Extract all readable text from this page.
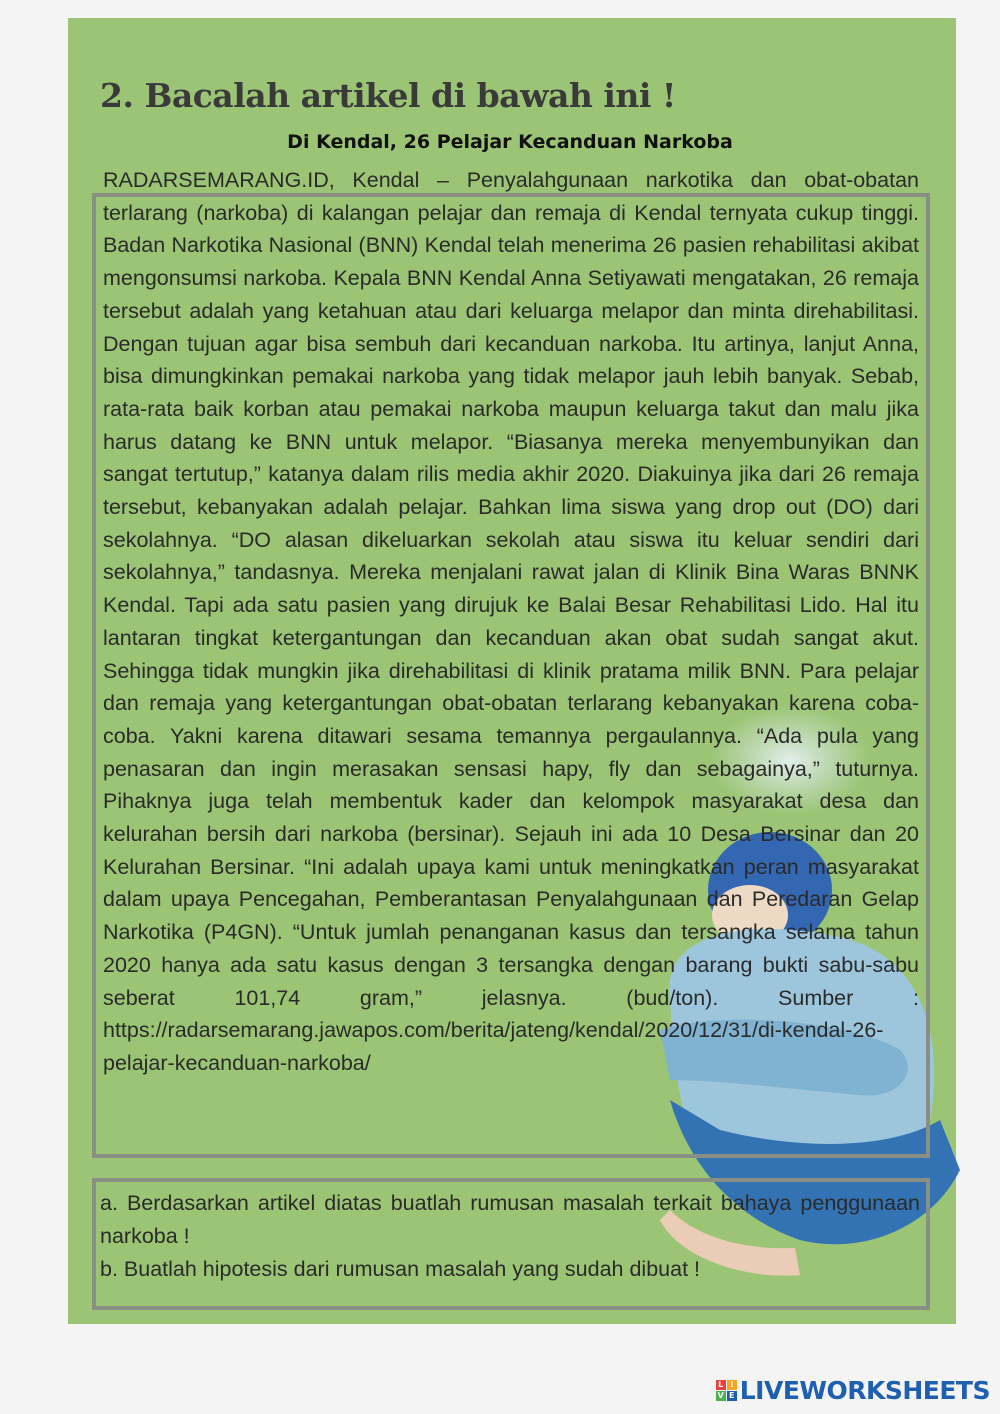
2. Bacalah artikel di bawah ini !
Di Kendal, 26 Pelajar Kecanduan Narkoba

RADARSEMARANG.ID, Kendal – Penyalahgunaan narkotika dan obat-obatan terlarang (narkoba) di kalangan pelajar dan remaja di Kendal ternyata cukup tinggi. Badan Narkotika Nasional (BNN) Kendal telah menerima 26 pasien rehabilitasi akibat mengonsumsi narkoba. Kepala BNN Kendal Anna Setiyawati mengatakan, 26 remaja tersebut adalah yang ketahuan atau dari keluarga melapor dan minta direhabilitasi. Dengan tujuan agar bisa sembuh dari kecanduan narkoba. Itu artinya, lanjut Anna, bisa dimungkinkan pemakai narkoba yang tidak melapor jauh lebih banyak. Sebab, rata-rata baik korban atau pemakai narkoba maupun keluarga takut dan malu jika harus datang ke BNN untuk melapor. “Biasanya mereka menyembunyikan dan sangat tertutup,” katanya dalam rilis media akhir 2020. Diakuinya jika dari 26 remaja tersebut, kebanyakan adalah pelajar. Bahkan lima siswa yang drop out (DO) dari sekolahnya. “DO alasan dikeluarkan sekolah atau siswa itu keluar sendiri dari sekolahnya,” tandasnya. Mereka menjalani rawat jalan di Klinik Bina Waras BNNK Kendal. Tapi ada satu pasien yang dirujuk ke Balai Besar Rehabilitasi Lido. Hal itu lantaran tingkat ketergantungan dan kecanduan akan obat sudah sangat akut. Sehingga tidak mungkin jika direhabilitasi di klinik pratama milik BNN. Para pelajar dan remaja yang ketergantungan obat-obatan terlarang kebanyakan karena coba-coba. Yakni karena ditawari sesama temannya pergaulannya. “Ada pula yang penasaran dan ingin merasakan sensasi hapy, fly dan sebagainya,” tuturnya. Pihaknya juga telah membentuk kader dan kelompok masyarakat desa dan kelurahan bersih dari narkoba (bersinar). Sejauh ini ada 10 Desa Bersinar dan 20 Kelurahan Bersinar. “Ini adalah upaya kami untuk meningkatkan peran masyarakat dalam upaya Pencegahan, Pemberantasan Penyalahgunaan dan Peredaran Gelap Narkotika (P4GN). “Untuk jumlah penanganan kasus dan tersangka selama tahun 2020 hanya ada satu kasus dengan 3 tersangka dengan barang bukti sabu-sabu seberat 101,74 gram,” jelasnya. (bud/ton). Sumber : https://radarsemarang.jawapos.com/berita/jateng/kendal/2020/12/31/di-kendal-26-pelajar-kecanduan-narkoba/

a. Berdasarkan artikel diatas buatlah rumusan masalah terkait bahaya penggunaan narkoba !

b. Buatlah hipotesis dari rumusan masalah yang sudah dibuat !

L I
V E LIVEWORKSHEETS
